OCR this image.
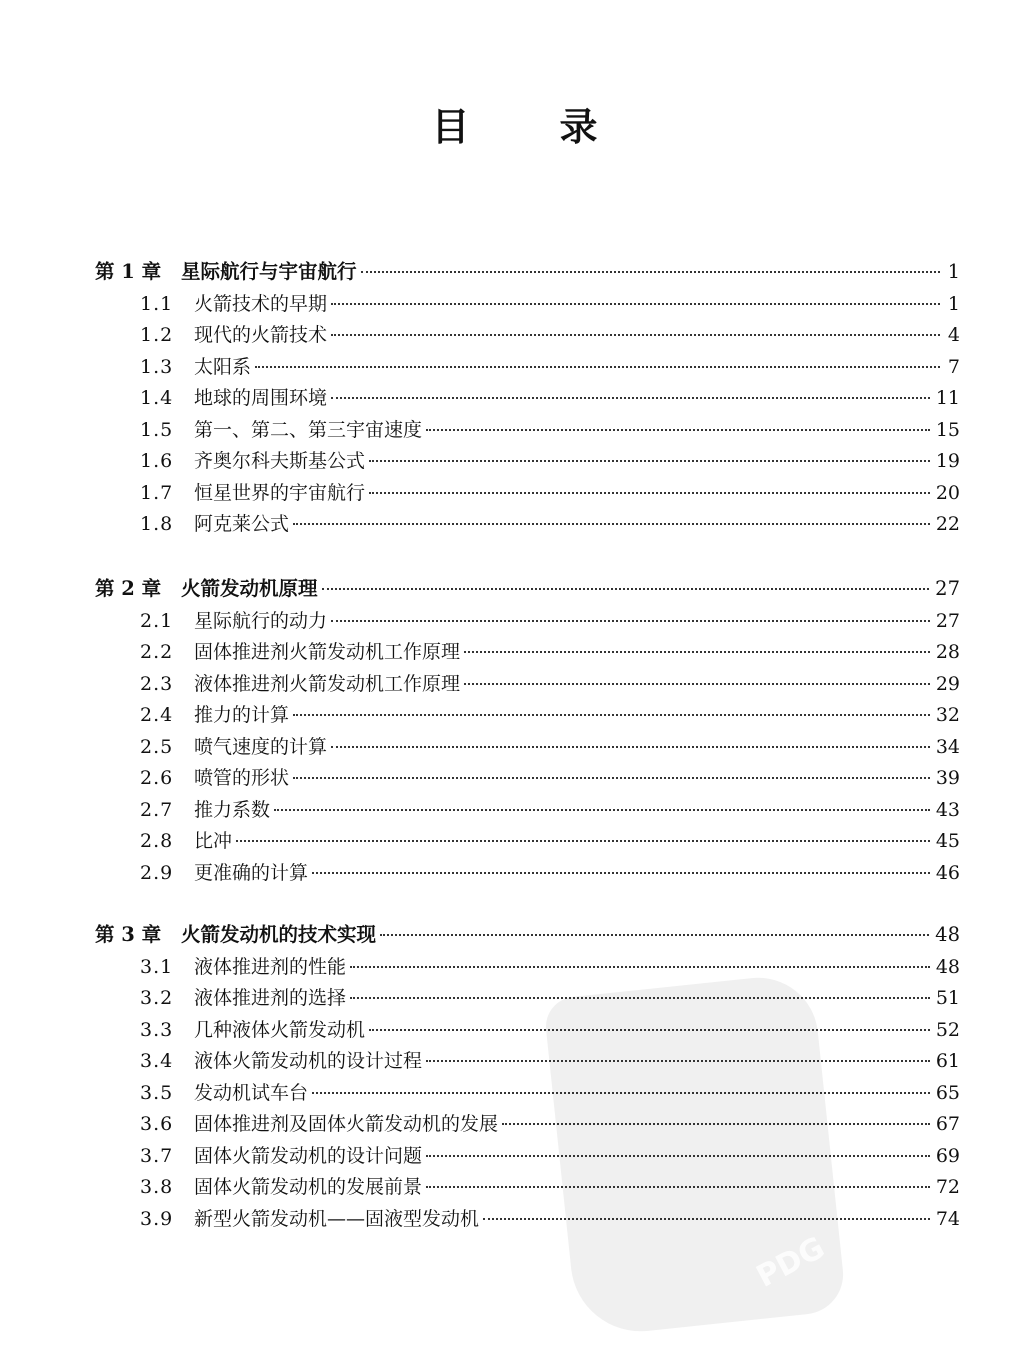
PDG
目 录
第 1 章	星际航行与宇宙航行	1
1.1	火箭技术的早期	1
1.2	现代的火箭技术	4
1.3	太阳系	7
1.4	地球的周围环境	11
1.5	第一、第二、第三宇宙速度	15
1.6	齐奥尔科夫斯基公式	19
1.7	恒星世界的宇宙航行	20
1.8	阿克莱公式	22
第 2 章	火箭发动机原理	27
2.1	星际航行的动力	27
2.2	固体推进剂火箭发动机工作原理	28
2.3	液体推进剂火箭发动机工作原理	29
2.4	推力的计算	32
2.5	喷气速度的计算	34
2.6	喷管的形状	39
2.7	推力系数	43
2.8	比冲	45
2.9	更准确的计算	46
第 3 章	火箭发动机的技术实现	48
3.1	液体推进剂的性能	48
3.2	液体推进剂的选择	51
3.3	几种液体火箭发动机	52
3.4	液体火箭发动机的设计过程	61
3.5	发动机试车台	65
3.6	固体推进剂及固体火箭发动机的发展	67
3.7	固体火箭发动机的设计问题	69
3.8	固体火箭发动机的发展前景	72
3.9	新型火箭发动机——固液型发动机	74
